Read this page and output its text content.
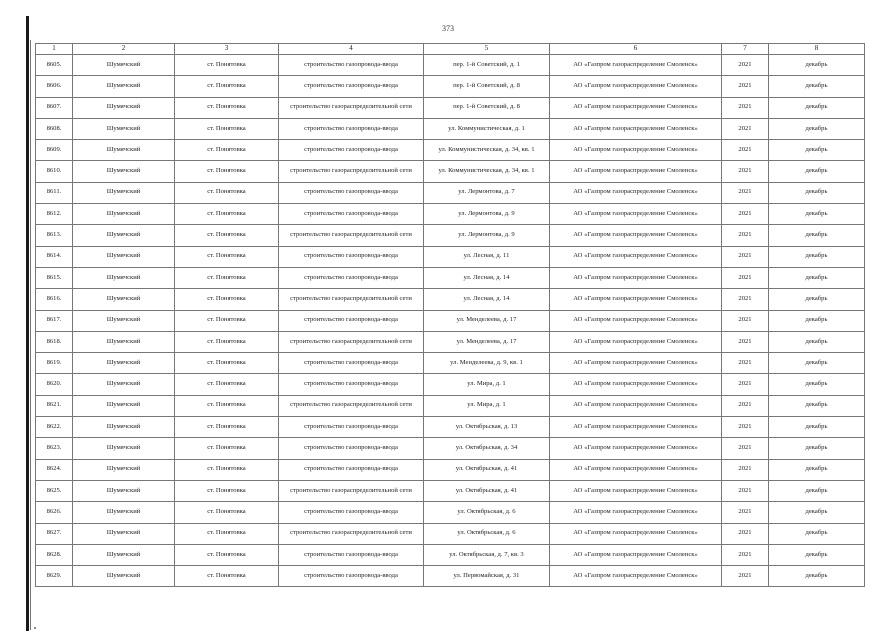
373
1	2	3	4	5	6	7	8
8605.	Шумячский	ст. Понятовка	строительство газопровода-ввода	пер. 1-й Советский, д. 1	АО «Газпром газораспределение Смоленск»	2021	декабрь
8606.	Шумячский	ст. Понятовка	строительство газопровода-ввода	пер. 1-й Советский, д. 8	АО «Газпром газораспределение Смоленск»	2021	декабрь
8607.	Шумячский	ст. Понятовка	строительство газораспределительной сети	пер. 1-й Советский, д. 8	АО «Газпром газораспределение Смоленск»	2021	декабрь
8608.	Шумячский	ст. Понятовка	строительство газопровода-ввода	ул. Коммунистическая, д. 1	АО «Газпром газораспределение Смоленск»	2021	декабрь
8609.	Шумячский	ст. Понятовка	строительство газопровода-ввода	ул. Коммунистическая, д. 34, кв. 1	АО «Газпром газораспределение Смоленск»	2021	декабрь
8610.	Шумячский	ст. Понятовка	строительство газораспределительной сети	ул. Коммунистическая, д. 34, кв. 1	АО «Газпром газораспределение Смоленск»	2021	декабрь
8611.	Шумячский	ст. Понятовка	строительство газопровода-ввода	ул. Лермонтова, д. 7	АО «Газпром газораспределение Смоленск»	2021	декабрь
8612.	Шумячский	ст. Понятовка	строительство газопровода-ввода	ул. Лермонтова, д. 9	АО «Газпром газораспределение Смоленск»	2021	декабрь
8613.	Шумячский	ст. Понятовка	строительство газораспределительной сети	ул. Лермонтова, д. 9	АО «Газпром газораспределение Смоленск»	2021	декабрь
8614.	Шумячский	ст. Понятовка	строительство газопровода-ввода	ул. Лесная, д. 11	АО «Газпром газораспределение Смоленск»	2021	декабрь
8615.	Шумячский	ст. Понятовка	строительство газопровода-ввода	ул. Лесная, д. 14	АО «Газпром газораспределение Смоленск»	2021	декабрь
8616.	Шумячский	ст. Понятовка	строительство газораспределительной сети	ул. Лесная, д. 14	АО «Газпром газораспределение Смоленск»	2021	декабрь
8617.	Шумячский	ст. Понятовка	строительство газопровода-ввода	ул. Менделеева, д. 17	АО «Газпром газораспределение Смоленск»	2021	декабрь
8618.	Шумячский	ст. Понятовка	строительство газораспределительной сети	ул. Менделеева, д. 17	АО «Газпром газораспределение Смоленск»	2021	декабрь
8619.	Шумячский	ст. Понятовка	строительство газопровода-ввода	ул. Менделеева, д. 9, кв. 1	АО «Газпром газораспределение Смоленск»	2021	декабрь
8620.	Шумячский	ст. Понятовка	строительство газопровода-ввода	ул. Мира, д. 1	АО «Газпром газораспределение Смоленск»	2021	декабрь
8621.	Шумячский	ст. Понятовка	строительство газораспределительной сети	ул. Мира, д. 1	АО «Газпром газораспределение Смоленск»	2021	декабрь
8622.	Шумячский	ст. Понятовка	строительство газопровода-ввода	ул. Октябрьская, д. 13	АО «Газпром газораспределение Смоленск»	2021	декабрь
8623.	Шумячский	ст. Понятовка	строительство газопровода-ввода	ул. Октябрьская, д. 34	АО «Газпром газораспределение Смоленск»	2021	декабрь
8624.	Шумячский	ст. Понятовка	строительство газопровода-ввода	ул. Октябрьская, д. 41	АО «Газпром газораспределение Смоленск»	2021	декабрь
8625.	Шумячский	ст. Понятовка	строительство газораспределительной сети	ул. Октябрьская, д. 41	АО «Газпром газораспределение Смоленск»	2021	декабрь
8626.	Шумячский	ст. Понятовка	строительство газопровода-ввода	ул. Октябрьская, д. 6	АО «Газпром газораспределение Смоленск»	2021	декабрь
8627.	Шумячский	ст. Понятовка	строительство газораспределительной сети	ул. Октябрьская, д. 6	АО «Газпром газораспределение Смоленск»	2021	декабрь
8628.	Шумячский	ст. Понятовка	строительство газопровода-ввода	ул. Октябрьская, д. 7, кв. 3	АО «Газпром газораспределение Смоленск»	2021	декабрь
8629.	Шумячский	ст. Понятовка	строительство газопровода-ввода	ул. Первомайская, д. 31	АО «Газпром газораспределение Смоленск»	2021	декабрь
